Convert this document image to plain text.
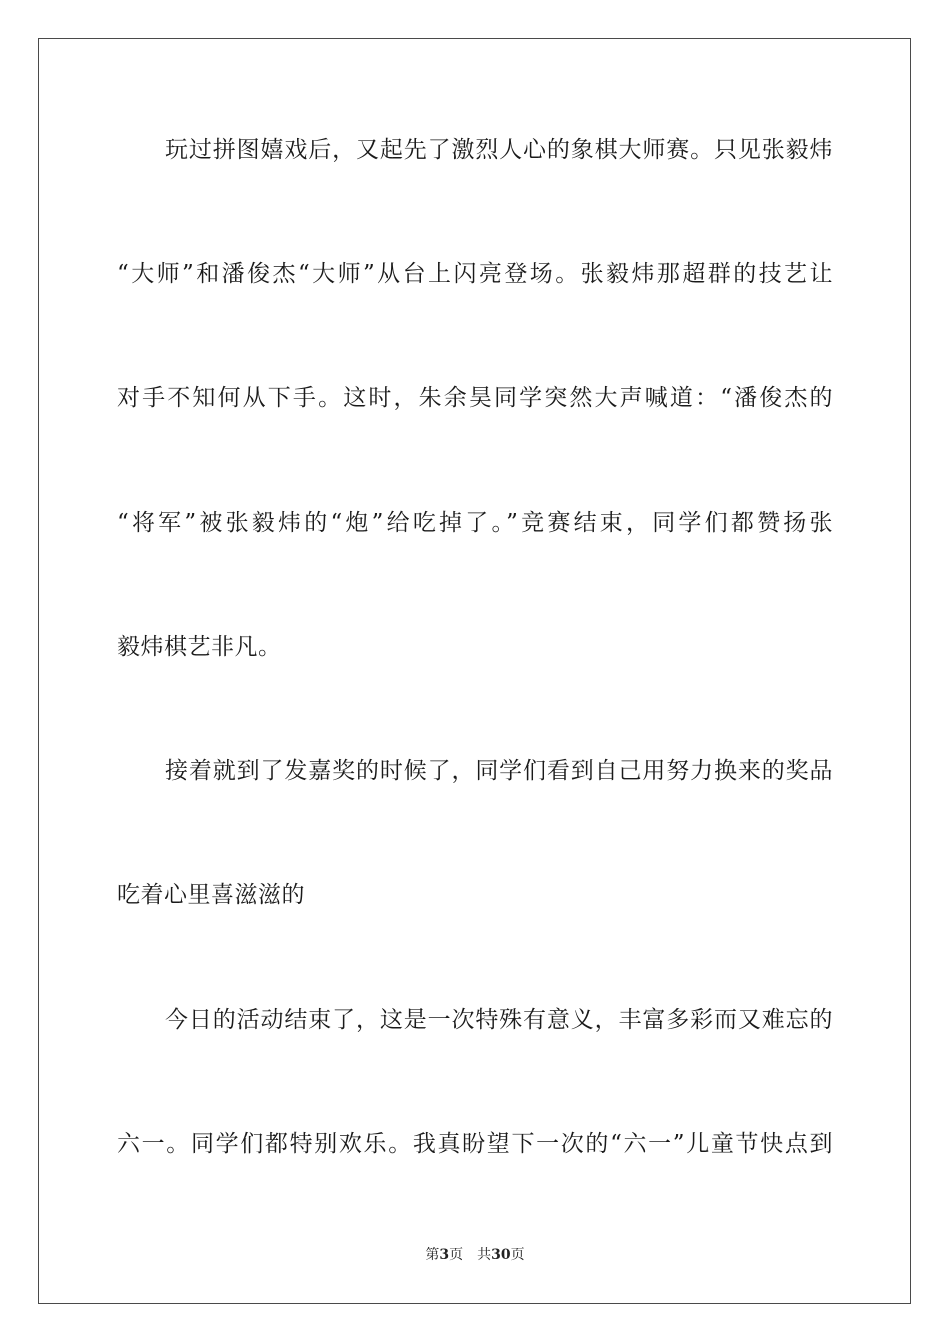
玩过拼图嬉戏后，又起先了激烈人心的象棋大师赛。只见张毅炜
“大师”和潘俊杰“大师”从台上闪亮登场。张毅炜那超群的技艺让
对手不知何从下手。这时，朱余昊同学突然大声喊道：“潘俊杰的
“将军”被张毅炜的“炮”给吃掉了。”竞赛结束，同学们都赞扬张
毅炜棋艺非凡。
接着就到了发嘉奖的时候了，同学们看到自己用努力换来的奖品
吃着心里喜滋滋的
今日的活动结束了，这是一次特殊有意义，丰富多彩而又难忘的
六一。同学们都特别欢乐。我真盼望下一次的“六一”儿童节快点到
第3页 共30页
